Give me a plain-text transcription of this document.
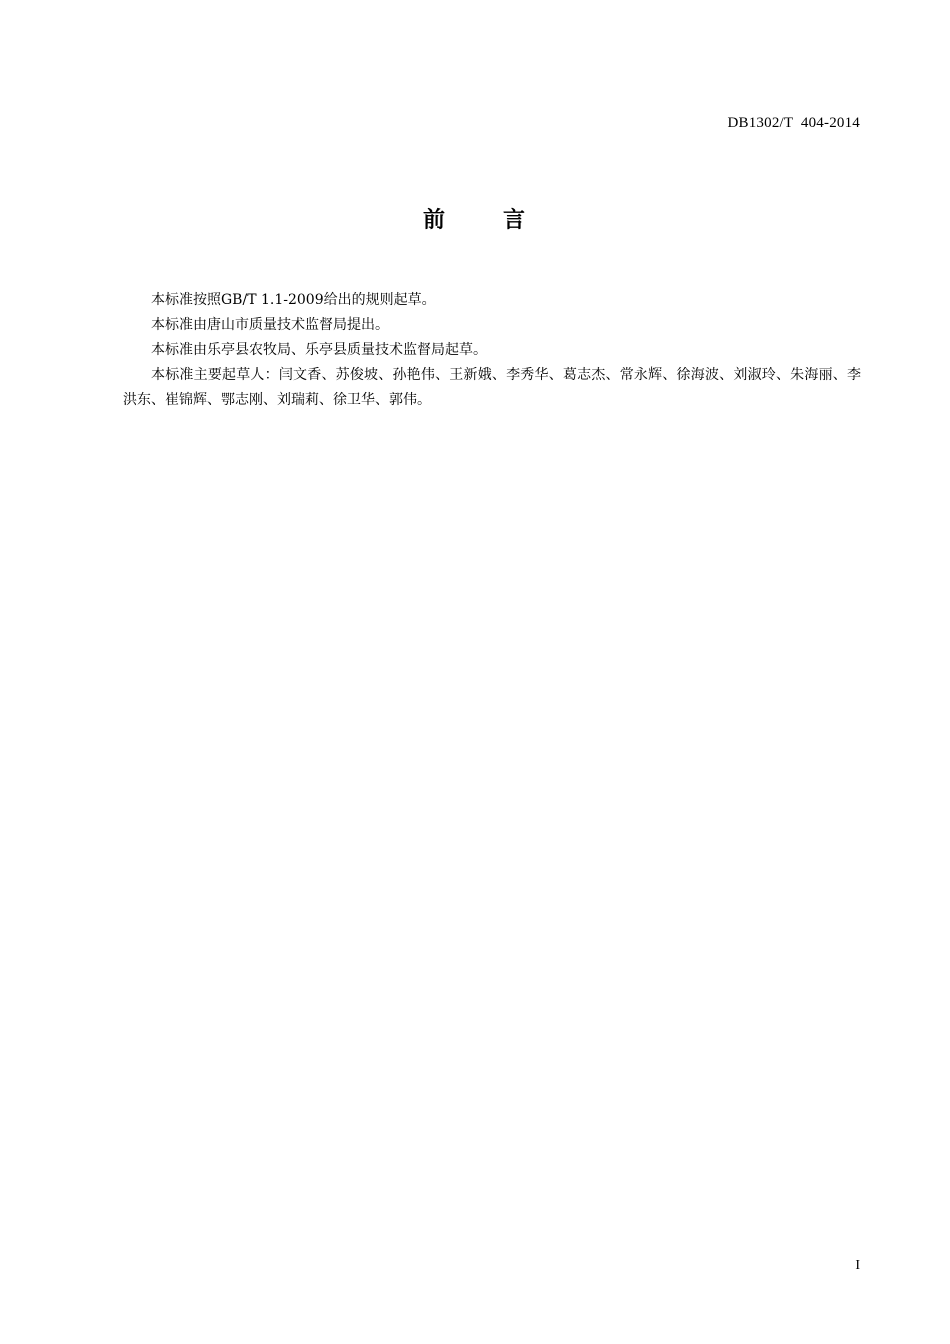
DB1302/T  404-2014
前	言

本标准按照GB/T 1.1-2009给出的规则起草。

本标准由唐山市质量技术监督局提出。

本标准由乐亭县农牧局、乐亭县质量技术监督局起草。

本标准主要起草人：闫文香、苏俊坡、孙艳伟、王新娥、李秀华、葛志杰、常永辉、徐海波、刘淑玲、朱海丽、李洪东、崔锦辉、鄂志刚、刘瑞莉、徐卫华、郭伟。

I
